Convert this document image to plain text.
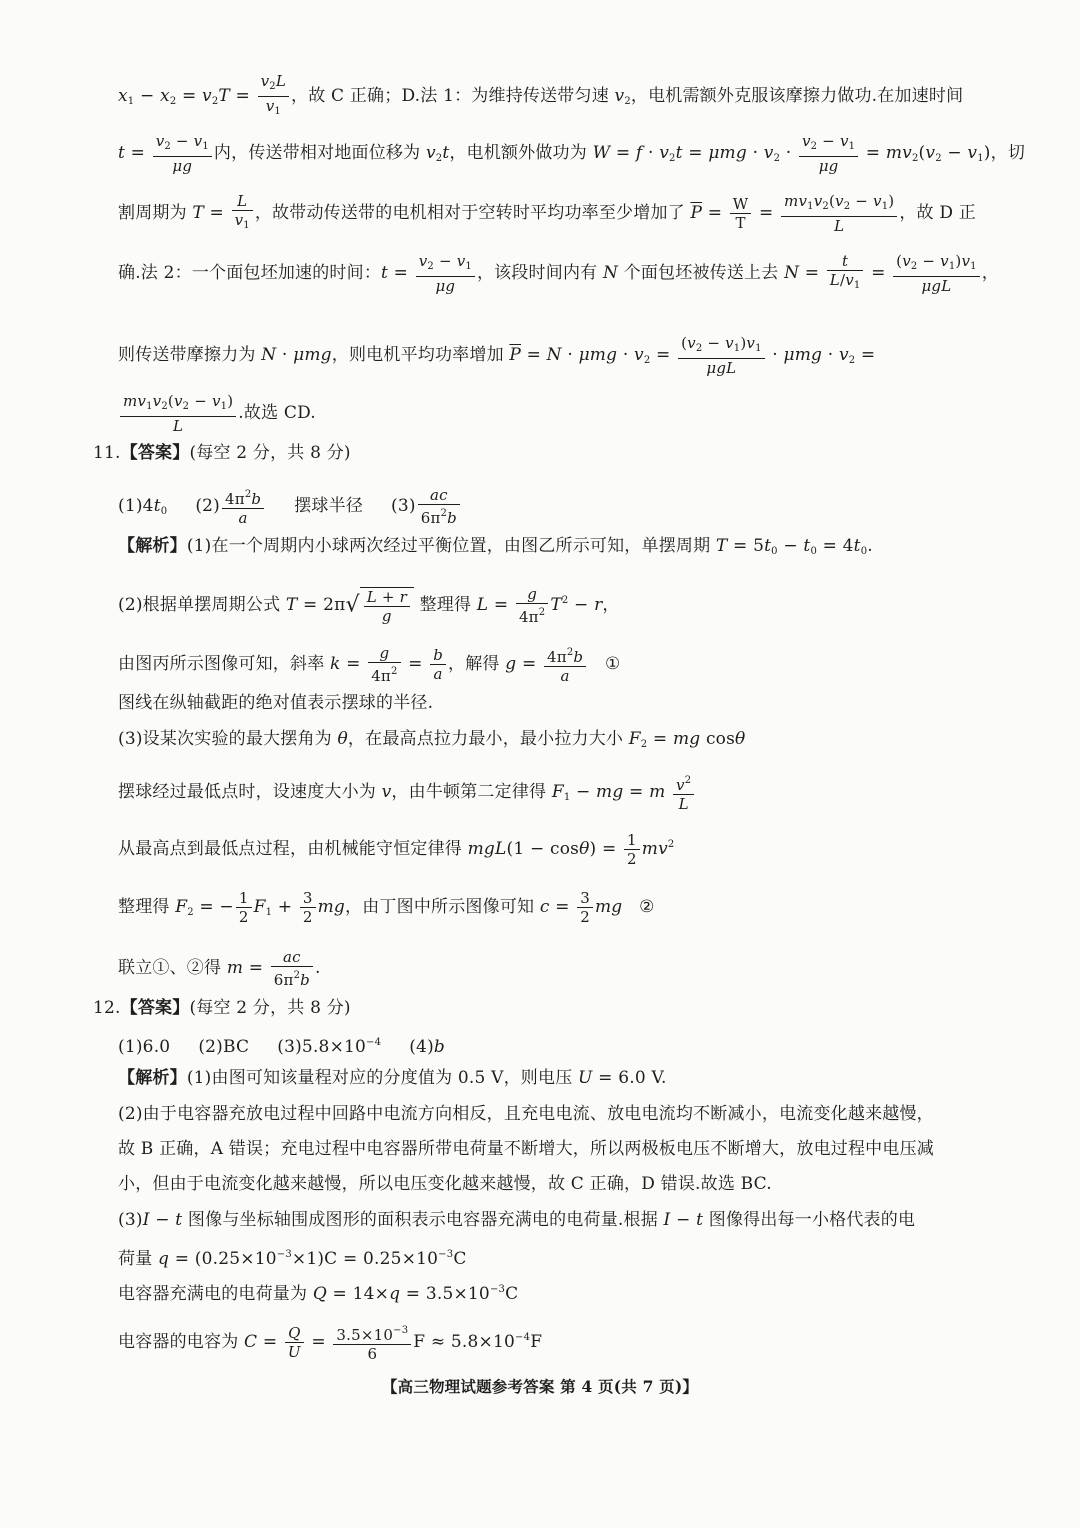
$x_1 - x_2 = v_2T = \frac{v_2L}{v_1}$ ，故 C 正确；D.法 1：为维持传送带匀速 $v_2$，电机需额外克服该摩擦力做功.在加速时间
$t = \frac{v_2 - v_1}{\mu g}$ 内，传送带相对地面位移为 $v_2t$，电机额外做功为 $W = f \cdot v_2t = \mu mg \cdot v_2 \cdot \frac{v_2 - v_1}{\mu g} = mv_2(v_2 - v_1)$，切
割周期为 $T = \frac{L}{v_1}$ ，故带动传送带的电机相对于空转时平均功率至少增加了 $\overline{P} = \frac{W}{T} = \frac{mv_1v_2(v_2 - v_1)}{L}$ ，故 D 正
确.法 2：一个面包坯加速的时间：$t = \frac{v_2 - v_1}{\mu g}$ ，该段时间内有 N 个面包坯被传送上去 $N = \frac{t}{L/v_1} = \frac{(v_2 - v_1)v_1}{\text{μgL}}$ ，
则传送带摩擦力为 N · μmg，则电机平均功率增加 $\overline{P} = N \cdot \mu mg \cdot v_2 = \frac{(v_2 - v_1)v_1}{\text{μgL}} \cdot \mu mg \cdot v_2$ =
$\frac{mv_1v_2(v_2 - v_1)}{L}$ .故选 CD.
11.【答案】(每空 2 分，共 8 分)
$(1)4t_0$     $(2) \frac{4\pi^2b}{a}$ 摆球半径     $(3) \frac{ac}{6\pi^2b}$
【解析】(1)在一个周期内小球两次经过平衡位置，由图乙所示可知，单摆周期 $T = 5t_0 - t_0 = 4t_0$.
(2)根据单摆周期公式 $T = 2\pi√ \frac{L + r}{g}$ 整理得 $L = \frac{g}{4\pi^2} T^2 - r$，
由图丙所示图像可知，斜率 $k = \frac{g}{4\pi^2} = \frac{b}{a}$ ，解得 $g = \frac{4\pi^2b}{a}$ ①
图线在纵轴截距的绝对值表示摆球的半径.
(3)设某次实验的最大摆角为 θ，在最高点拉力最小，最小拉力大小 $F_2$ = mg cosθ
摆球经过最低点时，设速度大小为 v，由牛顿第二定律得 $F_1$ − mg = m $\frac{v^2}{L}$
从最高点到最低点过程，由机械能守恒定律得 $mgL(1 - \cos\theta) = \frac{1}{2} mv^2$
整理得 $F_2$ = − $\frac{1}{2} F_1 + \frac{3}{2}$ mg，由丁图中所示图像可知 $c = \frac{3}{2}$ mg   ②
联立①、②得 $m = \frac{ac}{6\pi^2b}$ .
12.【答案】(每空 2 分，共 8 分)
(1)6.0     (2)BC     $(3)5.8\times 10^{-4}$     (4)b
【解析】(1)由图可知该量程对应的分度值为 0.5 V，则电压 U = 6.0 V.
(2)由于电容器充放电过程中回路中电流方向相反，且充电电流、放电电流均不断减小，电流变化越来越慢，
故 B 正确，A 错误；充电过程中电容器所带电荷量不断增大，所以两极板电压不断增大，放电过程中电压减
小，但由于电流变化越来越慢，所以电压变化越来越慢，故 C 正确，D 错误.故选 BC.
(3)I − t 图像与坐标轴围成图形的面积表示电容器充满电的电荷量.根据 I − t 图像得出每一小格代表的电
荷量 $q = (0.25\times 10^{-3}\times 1)C = 0.25\times 10^{-3}C$
电容器充满电的电荷量为 $Q = 14\times q = 3.5\times 10^{-3}C$
电容器的电容为 $C = \frac{Q}{U} = \frac{3.5\times 10^{-3}}{6}$ $F \approx 5.8\times 10^{-4}F$
【高三物理试题参考答案 第 4 页(共 7 页)】
